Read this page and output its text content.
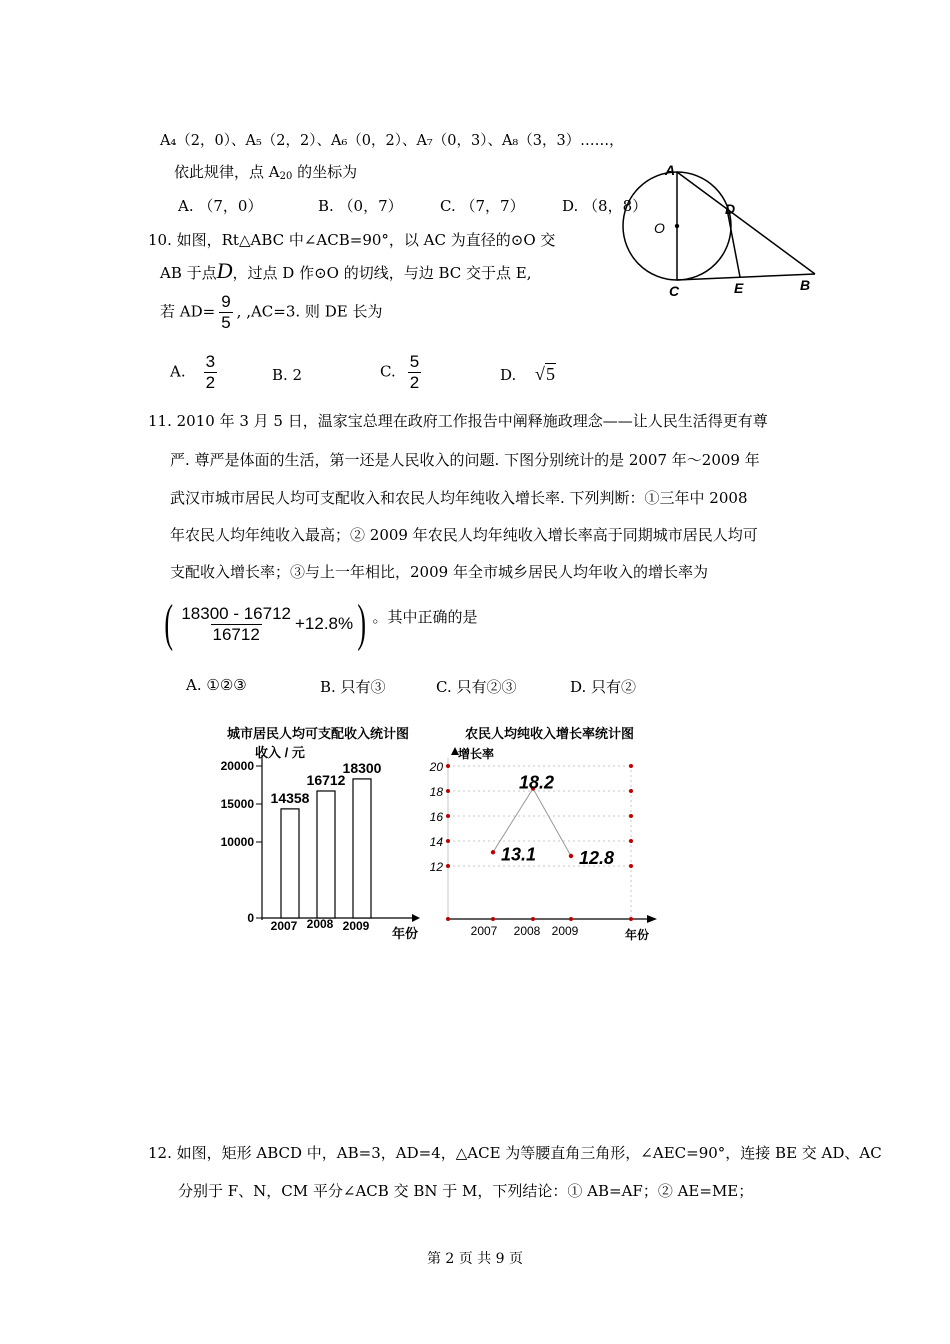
A₄（2，0）、A₅（2，2）、A₆（0，2）、A₇（0，3）、A₈（3，3）……，
依此规律，点 $A_{20}$ 的坐标为
A. （7，0）	B. （0，7） C. （7，7） D. （8，8）
10. 如图，Rt△ABC 中∠ACB=90°，以 AC 为直径的⊙O 交
AB 于点D，过点 D 作⊙O 的切线，与边 BC 交于点 E,
若 $AD= \frac{9}{5}$ , ,AC=3. 则 DE 长为
A. $\frac{3}{2}$	B. 2	C. $\frac{5}{2}$	D. √5
A
D
O
C	E	B
11. 2010 年 3 月 5 日，温家宝总理在政府工作报告中阐释施政理念——让人民生活得更有尊
严. 尊严是体面的生活，第一还是人民收入的问题. 下图分别统计的是 2007 年～2009 年
武汉市城市居民人均可支配收入和农民人均年纯收入增长率. 下列判断：①三年中 2008
年农民人均年纯收入最高；② 2009 年农民人均年纯收入增长率高于同期城市居民人均可
支配收入增长率；③与上一年相比，2009 年全市城乡居民人均年收入的增长率为
( $\frac{18300 - 16712}{16712} +12.8\%$ ) 。其中正确的是
A. ①②③	B. 只有③	C. 只有②③	D. 只有②
城市居民人均可支配收入统计图
收入 / 元
年份
0
10000
15000
20000
14358
2007
16712
2008
18300
2009
农民人均纯收入增长率统计图
增长率
年份
12
14
16
18
20
13.1
18.2
12.8
2007 2008 2009
12. 如图，矩形 ABCD 中，AB=3，AD=4，△ACE 为等腰直角三角形，∠AEC=90°，连接 BE 交 AD、AC
分别于 F、N，CM 平分∠ACB 交 BN 于 M，下列结论：① AB=AF；② AE=ME；
第 2 页 共 9 页
